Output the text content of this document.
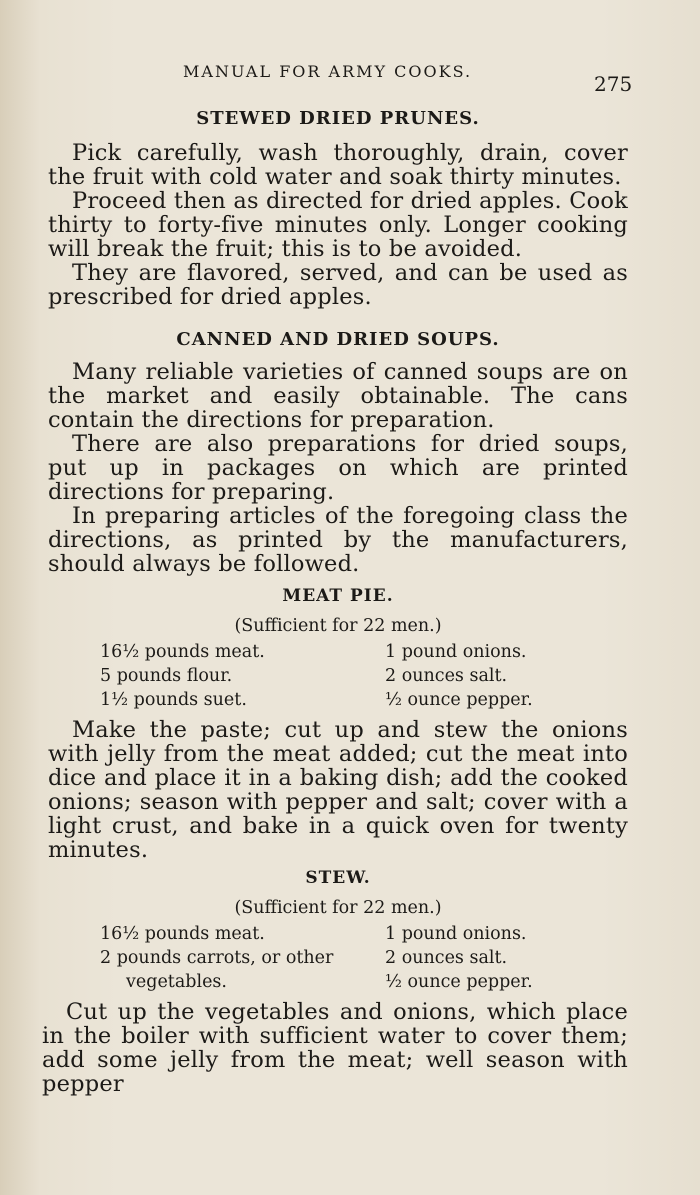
MANUAL FOR ARMY COOKS.
275
STEWED DRIED PRUNES.

Pick carefully, wash thoroughly, drain, cover the fruit with cold water and soak thirty minutes.

Proceed then as directed for dried apples. Cook thirty to forty-five minutes only. Longer cooking will break the fruit; this is to be avoided.

They are flavored, served, and can be used as prescribed for dried apples.

CANNED AND DRIED SOUPS.

Many reliable varieties of canned soups are on the market and easily obtainable. The cans contain the directions for preparation.

There are also preparations for dried soups, put up in packages on which are printed directions for preparing.

In preparing articles of the foregoing class the directions, as printed by the manufacturers, should always be followed.

MEAT PIE.
(Sufficient for 22 men.)
16½ pounds meat.	1 pound onions.
5 pounds flour.	2 ounces salt.
1½ pounds suet.	½ ounce pepper.

Make the paste; cut up and stew the onions with jelly from the meat added; cut the meat into dice and place it in a baking dish; add the cooked onions; season with pepper and salt; cover with a light crust, and bake in a quick oven for twenty minutes.

STEW.
(Sufficient for 22 men.)
16½ pounds meat.	1 pound onions.
2 pounds carrots, or other	2 ounces salt.
vegetables.	½ ounce pepper.

Cut up the vegetables and onions, which place in the boiler with sufficient water to cover them; add some jelly from the meat; well season with pepper
